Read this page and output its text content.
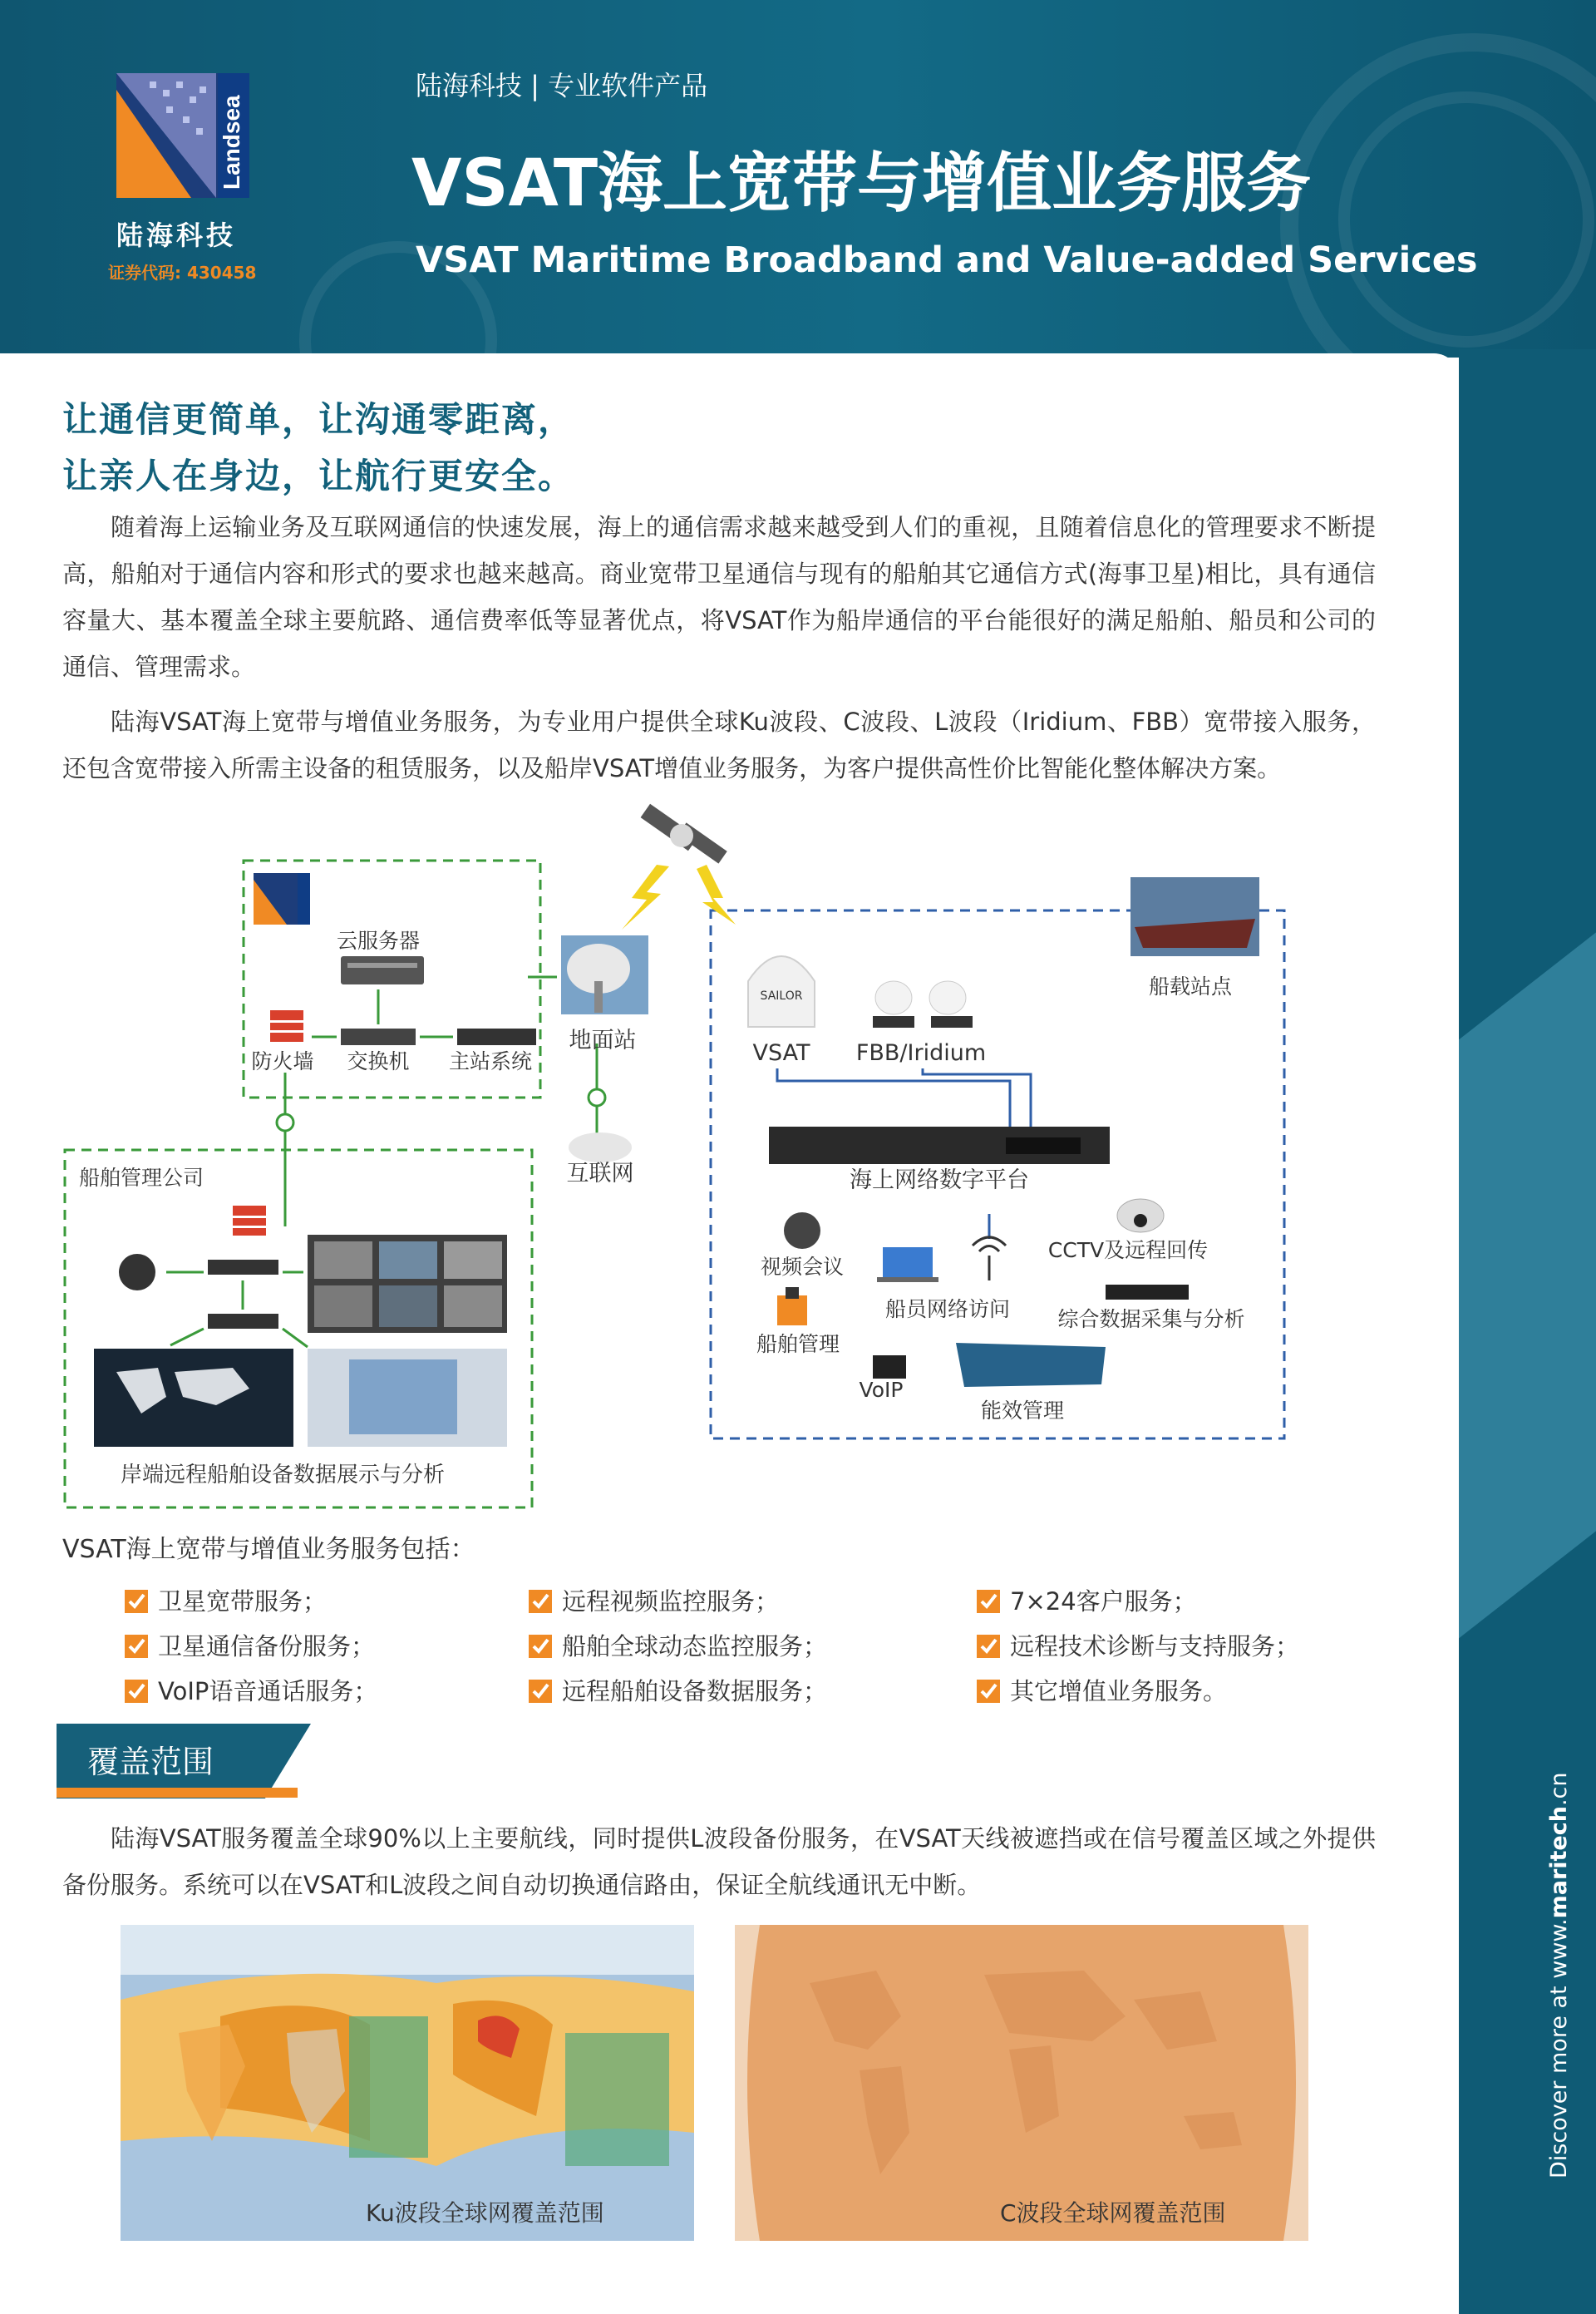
Landsea
陆海科技
证券代码: 430458
陆海科技 | 专业软件产品
VSAT海上宽带与增值业务服务
VSAT Maritime Broadband and Value-added Services
让通信更简单，让沟通零距离，
让亲人在身边，让航行更安全。
随着海上运输业务及互联网通信的快速发展，海上的通信需求越来越受到人们的重视，且随着信息化的管理要求不断提高，船舶对于通信内容和形式的要求也越来越高。商业宽带卫星通信与现有的船舶其它通信方式(海事卫星)相比，具有通信容量大、基本覆盖全球主要航路、通信费率低等显著优点，将VSAT作为船岸通信的平台能很好的满足船舶、船员和公司的通信、管理需求。
陆海VSAT海上宽带与增值业务服务，为专业用户提供全球Ku波段、C波段、L波段（Iridium、FBB）宽带接入服务，还包含宽带接入所需主设备的租赁服务，以及船岸VSAT增值业务服务，为客户提供高性价比智能化整体解决方案。
云服务器
防火墙 交换机 主站系统
地面站
互联网
船载站点
SAILOR
VSAT FBB/Iridium
海上网络数字平台
视频会议
船员网络访问
CCTV及远程回传
综合数据采集与分析
船舶管理
VoIP
能效管理
船舶管理公司
岸端远程船舶设备数据展示与分析
VSAT海上宽带与增值业务服务包括：
卫星宽带服务；	远程视频监控服务；	7×24客户服务；
卫星通信备份服务；	船舶全球动态监控服务；	远程技术诊断与支持服务；
VoIP语音通话服务；	远程船舶设备数据服务；	其它增值业务服务。
覆盖范围
陆海VSAT服务覆盖全球90%以上主要航线，同时提供L波段备份服务，在VSAT天线被遮挡或在信号覆盖区域之外提供备份服务。系统可以在VSAT和L波段之间自动切换通信路由，保证全航线通讯无中断。
Ku波段全球网覆盖范围	C波段全球网覆盖范围
Discover more at www.maritech.cn
